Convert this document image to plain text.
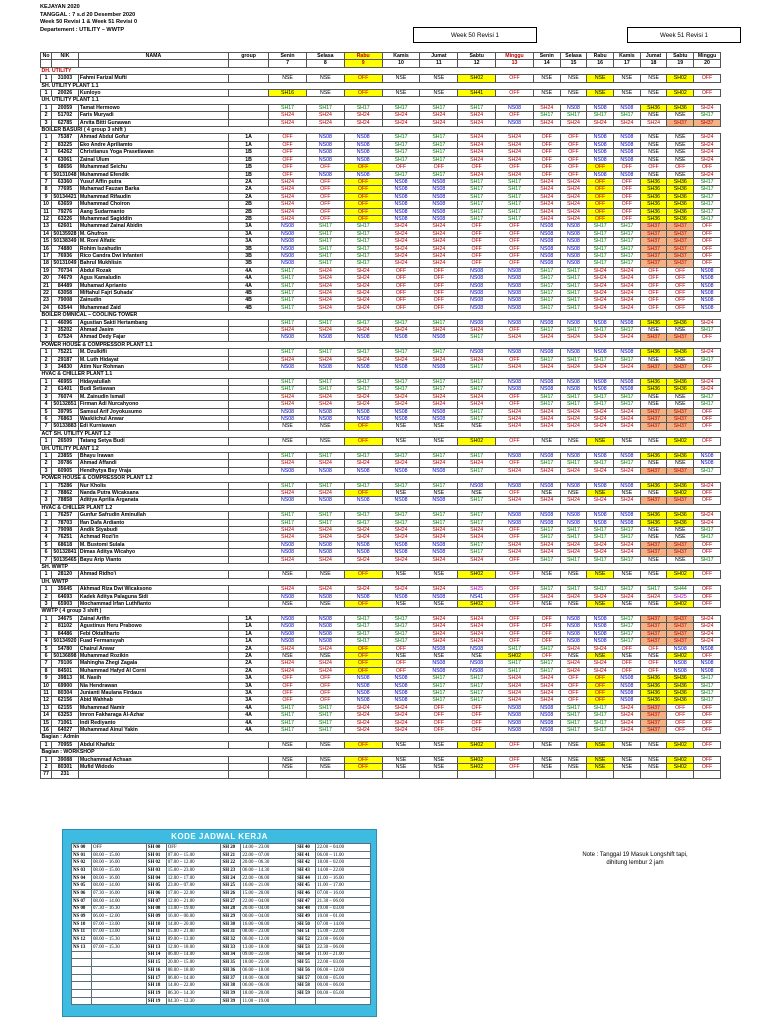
KEJAYAN 2020
TANGGAL : 7 s.d 20 Desember 2020
Week 50 Revisi 1 & Week 51 Revisi 0
Departement : UTILITY – WWTP
Week 50 Revisi 1	Week 51 Revisi 1
No	NIK	NAMA	group	Senin	Selasa	Rabu	Kamis	Jumat	Sabtu	Minggu	Senin	Selasa	Rabu	Kamis	Jumat	Sabtu	Minggu
				7	8	9	10	11	12	13	14	15	16	17	18	19	20
DH. UTILITY																	
1	31003	Fahmi Farizal Mufti		NSE	NSE	OFF	NSE	NSE	SH02	OFF	NSE	NSE	NSE	NSE	NSE	SH02	OFF
SH. UTILITY PLANT 1.1																	
1	20026	Kunloyo		SH16	NSE	OFF	NSE	NSE	SH41	OFF	NSE	NSE	NSE	NSE	NSE	SH02	OFF
UH. UTILITY PLANT 1.1																	
1	20059	Tamat Hermowo		SH17	SH17	SH17	SH17	SH17	SH17	NS08	SH24	NS08	NS08	NS08	SH36	SH36	SH24
2	51702	Faris Muryadi		SH24	SH24	SH24	SH24	SH24	SH24	OFF	SH17	SH17	SH17	SH17	NSE	NSE	SH17
3	62785	Arvita Bitti Gunawan		SH24	SH24	SH24	SH24	SH24	SH24	NS08	SH24	SH24	SH24	SH24	SH24	SH37	SH37
BOILER BASURI ( 4 group 3 shift )																	
1	75387	Ahmad Abdul Gofur	1A	OFF	NS08	NS08	SH17	SH17	SH24	SH24	OFF	OFF	NS08	NS08	NSE	NSE	SH24
2	83225	Eko Andre Apriliamto	1A	OFF	NS08	NS08	SH17	SH17	SH24	SH24	OFF	OFF	NS08	NS08	NSE	NSE	SH24
3	64262	Christianus Yoga Prasetiawan	1B	OFF	NS08	NS08	SH17	SH17	SH24	SH24	OFF	OFF	NS08	NS08	NSE	NSE	SH24
4	63061	Zainal Ulum	1B	OFF	NS08	NS08	SH17	SH17	SH24	SH24	OFF	OFF	NS08	NS08	NSE	NSE	SH24
5	68656	Muhammad Seichu	1B	OFF	OFF	OFF	OFF	OFF	OFF	OFF	OFF	OFF	OFF	OFF	OFF	OFF	OFF
6	50131048	Muhammad Efendik	1B	OFF	NS08	NS08	SH17	SH17	SH24	SH24	OFF	OFF	NS08	NS08	NSE	NSE	SH24
7	63360	Yusuf Affin putra	2A	SH24	OFF	OFF	NS08	NS08	SH17	SH17	SH24	SH24	OFF	OFF	SH36	SH36	SH17
8	77695	Muhamad Fauzan Barka	2A	SH24	OFF	OFF	NS08	NS08	SH17	SH17	SH24	SH24	OFF	OFF	SH36	SH36	SH17
9	50134421	Muhammad Rifaudin	2A	SH24	OFF	OFF	NS08	NS08	SH17	SH17	SH24	SH24	OFF	OFF	SH36	SH36	SH17
10	63659	Muhammad Choiron	2B	SH24	OFF	OFF	NS08	NS08	SH17	SH17	SH24	SH24	OFF	OFF	SH36	SH36	SH17
11	79276	Aang Sudarmanto	2B	SH24	OFF	OFF	NS08	NS08	SH17	SH17	SH24	SH24	OFF	OFF	SH36	SH36	SH17
12	63226	Muhammad Sagiddin	2B	SH24	OFF	OFF	NS08	NS08	SH17	SH17	SH24	SH24	OFF	OFF	SH36	SH36	SH17
13	62601	Muhammad Zainal Abidin	3A	NS08	SH17	SH17	SH24	SH24	OFF	OFF	NS08	NS08	SH17	SH17	SH37	SH37	OFF
14	50135928	M. Ghufron	3A	NS08	SH17	SH17	SH24	SH24	OFF	OFF	NS08	NS08	SH17	SH17	SH37	SH37	OFF
15	50138349	M. Roni Alfatic	3A	NS08	SH17	SH17	SH24	SH24	OFF	OFF	NS08	NS08	SH17	SH17	SH37	SH37	OFF
16	74880	Rohim Iszahudin	3B	NS08	SH17	SH17	SH24	SH24	OFF	OFF	NS08	NS08	SH17	SH17	SH37	SH37	OFF
17	76936	Rico Candra Dwi Infanteri	3B	NS08	SH17	SH17	SH24	SH24	OFF	OFF	NS08	NS08	SH17	SH17	SH37	SH37	OFF
18	50131049	Bahrul Mukhlisin	3B	NS08	SH17	SH17	SH24	SH24	OFF	OFF	NS08	NS08	SH17	SH17	SH37	SH37	OFF
19	70734	Abdul Rozak	4A	SH17	SH24	SH24	OFF	OFF	NS08	NS08	SH17	SH17	SH24	SH24	OFF	OFF	NS08
20	74679	Agus Kamaludin	4A	SH17	SH24	SH24	OFF	OFF	NS08	NS08	SH17	SH17	SH24	SH24	OFF	OFF	NS08
21	84489	Muhamad Aprianto	4A	SH17	SH24	SH24	OFF	OFF	NS08	NS08	SH17	SH17	SH24	SH24	OFF	OFF	NS08
22	63058	Miftahul Fajri Suhada'	4B	SH17	SH24	SH24	OFF	OFF	NS08	NS08	SH17	SH17	SH24	SH24	OFF	OFF	NS08
23	79008	Zainudin	4B	SH17	SH24	SH24	OFF	OFF	NS08	NS08	SH17	SH17	SH24	SH24	OFF	OFF	NS08
24	63544	Muhammad Zaid	4B	SH17	SH24	SH24	OFF	OFF	NS08	NS08	SH17	SH17	SH24	SH24	OFF	OFF	NS08
BOILER OMNICAL – COOLING TOWER																	
1	46096	Agustian Sakti Hertambang		SH17	SH17	SH17	SH17	SH17	NS08	NS08	NS08	NS08	NS08	NS08	SH36	SH36	SH24
2	35202	Ahmad Jasim		SH24	SH24	SH24	SH24	SH24	SH24	OFF	SH17	SH17	SH17	SH17	NSE	NSE	SH17
3	67524	Ahmad Dedy Fajar		NS08	NS08	NS08	NS08	NS08	SH17	SH24	SH24	SH24	SH24	SH24	SH37	SH37	OFF
POWER HOUSE & COMPRESSOR PLANT 1.1																	
1	75221	M. Dzulkifli		SH17	SH17	SH17	SH17	SH17	NS08	NS08	NS08	NS08	NS08	NS08	SH36	SH36	SH24
2	29187	M. Luth Hidayat		SH24	SH24	SH24	SH24	SH24	SH24	OFF	SH17	SH17	SH17	SH17	NSE	NSE	SH17
3	34830	Atim Nur Rohman		NS08	NS08	NS08	NS08	NS08	SH17	SH24	SH24	SH24	SH24	SH24	SH37	SH37	OFF
HVAC & CHILLER PLANT 1.1																	
1	46955	Hidayatullah		SH17	SH17	SH17	SH17	SH17	SH17	NS08	NS08	NS08	NS08	NS08	SH36	SH36	SH24
2	61401	Budi Setiawan		SH17	SH17	SH17	SH17	SH17	SH17	NS08	NS08	NS08	NS08	NS08	SH36	SH36	SH24
3	76074	M. Zainudin Ismail		SH24	SH24	SH24	SH24	SH24	SH24	OFF	SH17	SH17	SH17	SH17	NSE	NSE	SH17
4	50132851	Firman Adi Nurcahyono		SH24	SH24	SH24	SH24	SH24	SH24	OFF	SH17	SH17	SH17	SH17	NSE	NSE	SH17
5	39795	Samsul Arif Joyokusumo		NS08	NS08	NS08	NS08	NS08	SH17	SH24	SH24	SH24	SH24	SH24	SH37	SH37	OFF
6	76863	Waskiichul Anwar		NS08	NS08	NS08	NS08	NS08	SH17	SH24	SH24	SH24	SH24	SH24	SH37	SH37	OFF
7	50133883	Edi Kurniawan		NSE	NSE	OFF	NSE	NSE	NSE	SH24	SH24	SH24	SH24	SH24	SH37	SH37	OFF
ACT SH. UTILITY PLANT 1.2																	
1	26509	Tatang Setya Budi		NSE	NSE	OFF	NSE	NSE	SH02	OFF	NSE	NSE	NSE	NSE	NSE	SH02	OFF
UH. UTILITY PLANT 1.2																	
1	23855	Bhayu Irawan		SH17	SH17	SH17	SH17	SH17	SH17	NS08	NS08	NS08	NS08	NS08	SH36	SH36	NS08
2	39786	Ahmad Affandi		SH24	SH24	SH24	SH24	SH24	SH24	OFF	SH17	SH17	SH17	SH17	NSE	NSE	NS08
3	60905	Hendhytya Bsy Vraja		NS08	NS08	NS08	NS08	NS08	SH17	SH24	SH24	SH24	SH24	SH24	SH37	SH37	SH17
POWER HOUSE & COMPRESSOR PLANT 1.2																	
1	75286	Nur Kholis		SH17	SH17	SH17	SH17	SH17	NS08	NS08	NS08	NS08	NS08	NS08	SH36	SH36	SH24
2	78862	Nanda Putra Wicaksana		SH24	SH24	OFF	NSE	NSE	NSE	OFF	NSE	NSE	NSE	NSE	NSE	SH02	OFF
3	78858	Aditiya Aprilia Arganata		NS08	NS08	NS08	NS08	NS08	SH17	SH24	SH24	SH24	SH24	SH24	SH37	SH37	OFF
HVAC & CHILLER PLANT 1.2																	
1	76257	Gunfur Safrudin Aminullah		SH17	SH17	SH17	SH17	SH17	SH17	NS08	NS08	NS08	NS08	NS08	SH36	SH36	SH24
2	78703	Ifan Dafa Ardianto		SH17	SH17	SH17	SH17	SH17	SH17	NS08	NS08	NS08	NS08	NS08	SH36	SH36	SH24
3	79098	Andik Styabudi		SH24	SH24	SH24	SH24	SH24	SH24	OFF	SH17	SH17	SH17	SH17	NSE	NSE	SH17
4	76251	Achmad Rozi'in		SH24	SH24	SH24	SH24	SH24	SH24	OFF	SH17	SH17	SH17	SH17	NSE	NSE	SH17
5	68618	M. Bustomi Sulala		NS08	NS08	NS08	NS08	NS08	SH17	SH24	SH24	SH24	SH24	SH24	SH37	SH37	OFF
6	50132841	Dimas Aditya Wicahyo		NS08	NS08	NS08	NS08	NS08	SH17	SH24	SH24	SH24	SH24	SH24	SH37	SH37	OFF
7	50135465	Bayu Arip Vianto		SH24	SH24	SH24	SH24	SH24	SH24	OFF	SH17	SH17	SH17	SH17	NSE	NSE	SH17
SH. WWTP																	
1	28120	Ahmad Ridho'i		NSE	NSE	OFF	NSE	NSE	SH02	OFF	NSE	NSE	NSE	NSE	NSE	SH02	OFF
UH. WWTP																	
1	35645	Akhmad Riza Dwi Wicaksono		SH24	SH24	SH24	SH24	SH24	SH25	OFF	SH17	SH17	SH17	SH17	SH17	SH44	OFF
2	64693	Kadek Aditya Palaguna Sidi		NS08	NS08	NS08	NS08	NS08	NS41	OFF	SH24	SH24	SH24	SH24	SH24	SH25	OFF
3	65903	Mochammad Irfan Luthfianto		NSE	NSE	OFF	NSE	NSE	SH02	OFF	NSE	NSE	NSE	NSE	NSE	SH02	OFF
WWTP ( 4 group 3 shift )																	
1	34675	Zainal Arifin	1A	NS08	NS08	SH17	SH17	SH24	SH24	OFF	OFF	NS08	NS08	SH17	SH37	SH37	SH24
2	81102	Agustinus Heru Prabowo	1A	NS08	NS08	SH17	SH17	SH24	SH24	OFF	OFF	NS08	NS08	SH17	SH37	SH37	SH24
3	84486	Febi Oktafiharto	1A	NS08	NS08	SH17	SH17	SH24	SH24	OFF	OFF	NS08	NS08	SH17	SH37	SH37	SH24
4	50134920	Fuad Fermansyah	1A	NS08	NS08	SH17	SH17	SH24	SH24	OFF	OFF	NS08	NS08	SH17	SH37	SH37	SH24
5	54780	Chairul Anwar	2A	SH24	SH24	OFF	OFF	NS08	NS08	SH17	SH17	SH24	SH24	OFF	OFF	NS08	NS08
6	50136898	Muhammad Rozikin	2A	NSE	NSE	OFF	NSE	NSE	NSE	SH02	OFF	NSE	NSE	NSE	NSE	SH02	OFF
7	79106	Mahingha Zhegi Zagala	2A	SH24	SH24	OFF	OFF	NS08	NS08	SH17	SH17	SH24	SH24	OFF	OFF	NS08	NS08
8	84501	Muhammad Hafyd Al Corni	2A	SH24	SH24	OFF	OFF	NS08	NS08	SH17	SH17	SH24	SH24	OFF	OFF	NS08	NS08
9	39813	M. Nasih	3A	OFF	OFF	NS08	NS08	SH17	SH17	SH24	SH24	OFF	OFF	NS08	SH36	SH36	SH17
10	69900	Nia Hendrawan	3A	OFF	OFF	NS08	NS08	SH17	SH17	SH24	SH24	OFF	OFF	NS08	SH36	SH36	SH17
11	80304	Junianti Maulana Firdaus	3A	OFF	OFF	NS08	NS08	SH17	SH17	SH24	SH24	OFF	OFF	NS08	SH36	SH36	SH17
12	62156	Abid Wahhab	3A	OFF	OFF	NS08	NS08	SH17	SH17	SH24	SH24	OFF	OFF	NS08	SH36	SH36	SH17
13	62155	Muhammad Namir	4A	SH17	SH17	SH24	SH24	OFF	OFF	NS08	NS08	SH17	SH17	SH24	SH37	OFF	OFF
14	63253	Imron Fakharaga Al-Azhar	4A	SH17	SH17	SH24	SH24	OFF	OFF	NS08	NS08	SH17	SH17	SH24	SH37	OFF	OFF
15	71061	Indi Rediyanto	4A	SH17	SH17	SH24	SH24	OFF	OFF	NS08	NS08	SH17	SH17	SH24	SH37	OFF	OFF
16	64027	Muhammad Ainul Yakin	4A	SH17	SH17	SH24	SH24	OFF	OFF	NS08	NS08	SH17	SH17	SH24	SH37	OFF	OFF
Bagian : Admin																	
1	70955	Abdul Khafidz		NSE	NSE	OFF	NSE	NSE	SH02	OFF	NSE	NSE	NSE	NSE	NSE	SH02	OFF
Bagian : WORKSHOP																	
1	39088	Muchammad Achsan		NSE	NSE	OFF	NSE	NSE	SH02	OFF	NSE	NSE	NSE	NSE	NSE	SH02	OFF
2	80301	Mufid Widodo		NSE	NSE	OFF	NSE	NSE	SH02	OFF	NSE	NSE	NSE	NSE	NSE	SH02	OFF
77	231																
KODE JADWAL KERJA
NS 00	OFF	SH 00	OFF	SH 20	14.00 – 23.00	SH 40	22.00 – 04.00
NS 01	08.00 – 15.00	SH 01	07.00 – 15.00	SH 21	22.00 – 07.00	SH 41	06.00 – 11.00
NS 02	08.00 – 16.00	SH 02	07.00 – 12.00	SH 22	20.00 – 06.30	SH 42	18.00 – 02.00
NS 03	08.00 – 15.00	SH 03	15.00 – 23.00	SH 23	06.00 – 14.30	SH 43	14.00 – 22.00
NS 04	08.00 – 16.00	SH 04	12.00 – 17.00	SH 24	22.00 – 06.00	SH 44	11.00 – 16.00
NS 05	08.00 – 14.00	SH 05	23.00 – 07.00	SH 25	16.00 – 21.00	SH 45	11.00 – 17.00
NS 06	07.30 – 16.00	SH 06	17.00 – 22.00	SH 26	15.00 – 20.00	SH 46	07.00 – 16.00
NS 07	08.00 – 14.00	SH 07	12.00 – 21.00	SH 27	22.00 – 04.00	SH 47	21.30 – 06.00
NS 08	07.30 – 16.30	SH 08	13.00 – 19.00	SH 28	20.00 – 04.00	SH 48	19.00 – 03.00
NS 09	06.00 – 12.00	SH 09	16.00 – 00.00	SH 29	00.00 – 04.00	SH 49	10.00 – 01.00
NS 10	07.00 – 13.00	SH 10	14.00 – 20.00	SH 30	16.00 – 00.00	SH 50	07.00 – 14.00
NS 11	07.00 – 13.00	SH 11	15.00 – 21.00	SH 31	08.00 – 23.00	SH 51	15.00 – 22.00
NS 12	08.00 – 15.30	SH 12	09.00 – 13.00	SH 32	06.00 – 12.00	SH 52	23.00 – 06.00
NS 13	07.00 – 15.30	SH 13	12.00 – 18.00	SH 33	13.00 – 18.00	SH 53	22.30 – 06.00
		SH 14	06.00 – 14.00	SH 34	09.00 – 22.00	SH 54	11.00 – 21.00
		SH 15	20.00 – 15.00	SH 35	18.00 – 23.00	SH 55	22.00 – 03.00
		SH 16	08.00 – 18.00	SH 36	06.00 – 18.00	SH 56	06.00 – 12.00
		SH 17	06.00 – 14.00	SH 37	18.00 – 06.00	SH 57	00.00 – 05.00
		SH 18	14.00 – 22.00	SH 38	06.00 – 06.00	SH 58	00.00 – 06.00
		SH 19	06.30 – 14.30	SH 39	18.00 – 20.00	SH 59	00.00 – 05.00
		SH 19	04.30 – 12.30	SH 39	11.00 – 19.00		
Note : Tanggal 19 Masuk Longshift tapi,
dihitung lembur 2 jam
